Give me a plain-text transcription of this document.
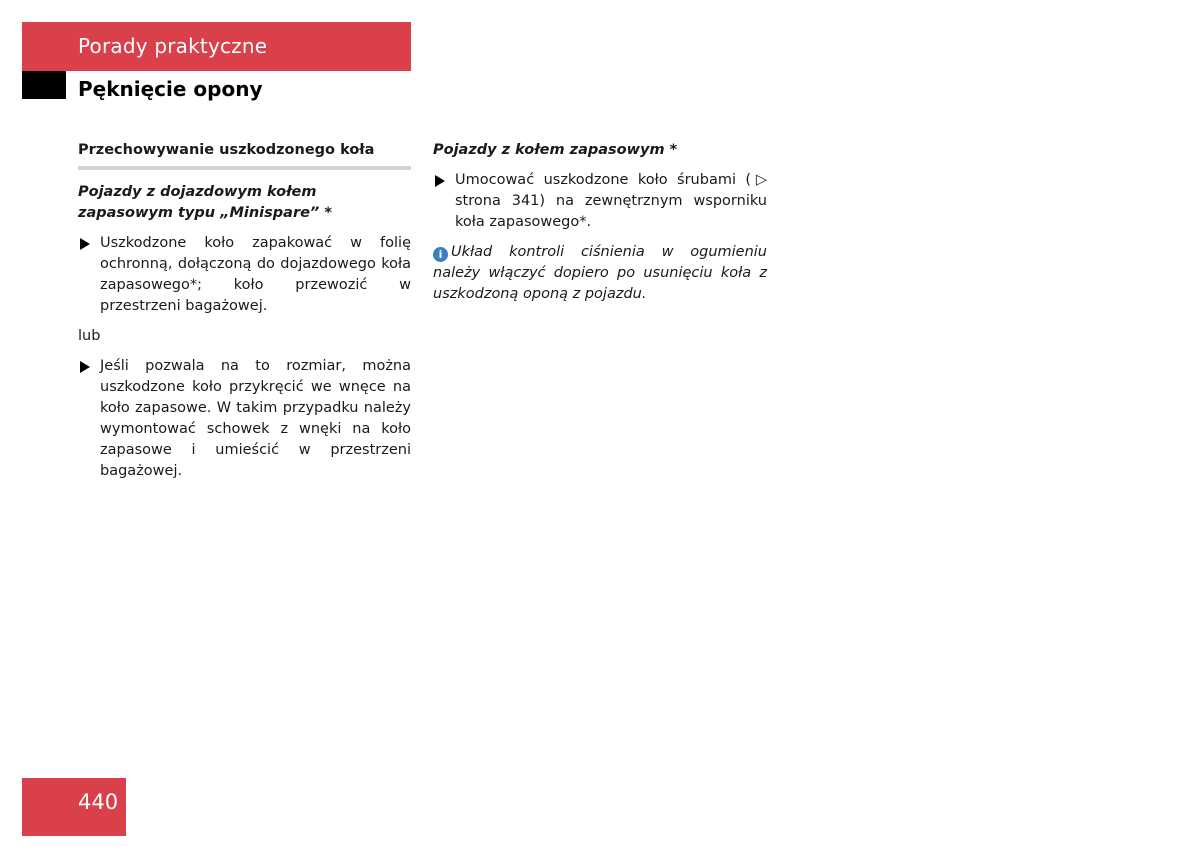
Porady praktyczne
Pęknięcie opony
Przechowywanie uszkodzonego koła
Pojazdy z dojazdowym kołem zapasowym typu „Minispare” *
Uszkodzone koło zapakować w folię ochronną, dołączoną do dojazdowego koła zapasowego*; koło przewozić w przestrzeni bagażowej.
lub
Jeśli pozwala na to rozmiar, można uszkodzone koło przykręcić we wnęce na koło zapasowe. W takim przypadku należy wymontować schowek z wnęki na koło zapasowe i umieścić w przestrzeni bagażowej.
Pojazdy z kołem zapasowym *
Umocować uszkodzone koło śrubami (▷ strona 341) na zewnętrznym wsporniku koła zapasowego*.
i Układ kontroli ciśnienia w ogumieniu należy włączyć dopiero po usunięciu koła z uszkodzoną oponą z pojazdu.
440
